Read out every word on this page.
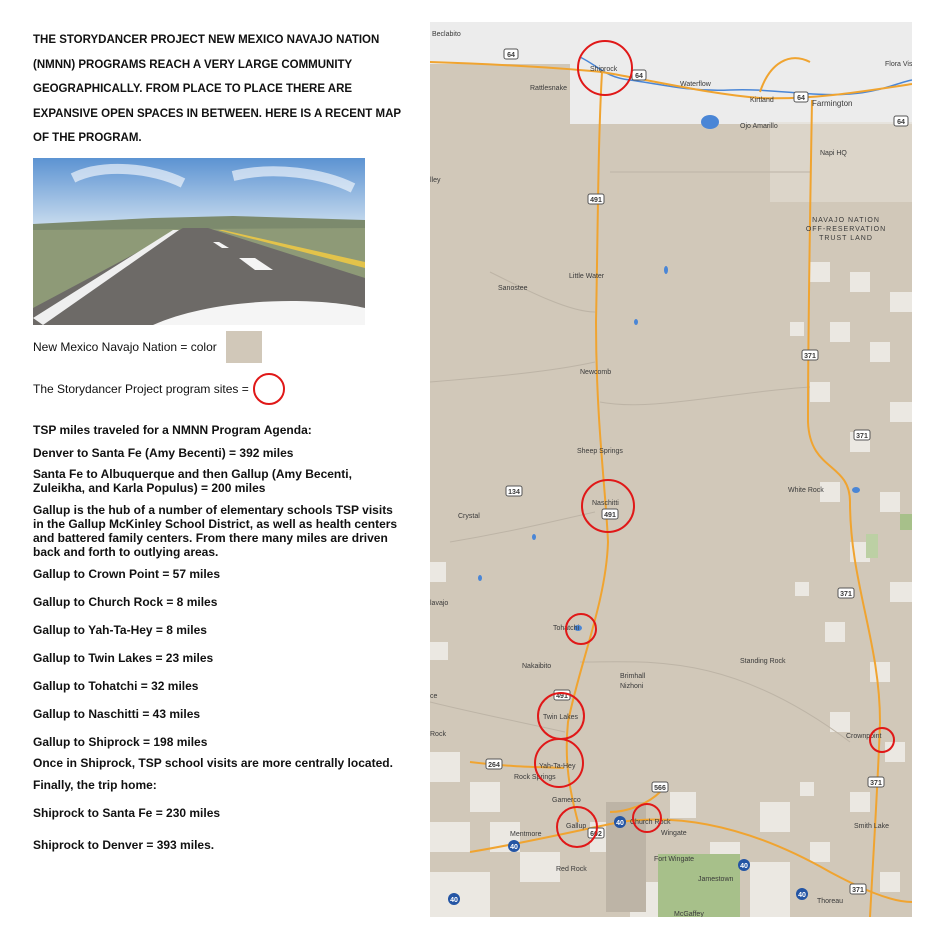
THE STORYDANCER PROJECT NEW MEXICO NAVAJO NATION (NMNN) PROGRAMS REACH A VERY LARGE COMMUNITY GEOGRAPHICALLY. FROM PLACE TO PLACE THERE ARE EXPANSIVE OPEN SPACES IN BETWEEN. HERE IS A RECENT MAP OF THE PROGRAM.

New Mexico Navajo Nation = color
The Storydancer Project program sites =

TSP miles traveled for a NMNN Program Agenda:

Denver to Santa Fe (Amy Becenti) = 392 miles

Santa Fe to Albuquerque and then Gallup (Amy Becenti, Zuleikha, and Karla Populus) = 200 miles

Gallup is the hub of a number of elementary schools TSP visits in the Gallup McKinley School District, as well as health centers and battered family centers. From there many miles are driven back and forth to outlying areas.

Gallup to Crown Point = 57 miles

Gallup to Church Rock = 8 miles

Gallup to Yah-Ta-Hey = 8 miles

Gallup to Twin Lakes = 23 miles

Gallup to Tohatchi = 32 miles

Gallup to Naschitti = 43 miles

Gallup to Shiprock = 198 miles

Once in Shiprock, TSP school visits are more centrally located.

Finally, the trip home:

Shiprock to Santa Fe = 230 miles

Shiprock to Denver = 393 miles.

64
64
64
64
491
491
491
371
371
371
371
371
134
264
566
602
40
40
40
40
40
Beclabito
Shiprock
Rattlesnake
Waterflow
Kirtland	Farmington
Flora Vis
Ojo Amarillo
Napi HQ
lley
NAVAJO NATION
OFF-RESERVATION
TRUST LAND
Little Water
Sanostee
Newcomb
Sheep Springs
White Rock
Crystal
Naschitti
lavajo
Tohatchi
Standing Rock
Nakaibito
Brimhall
Nizhoni
Twin Lakes
Crownpoint
ce
Rock
Yah-Ta-Hey
Rock Springs
Gamerco
Mentmore
Gallup
Church Rock
Wingate
Fort Wingate
Smith Lake
Red Rock
Jamestown
Thoreau
McGaffey
